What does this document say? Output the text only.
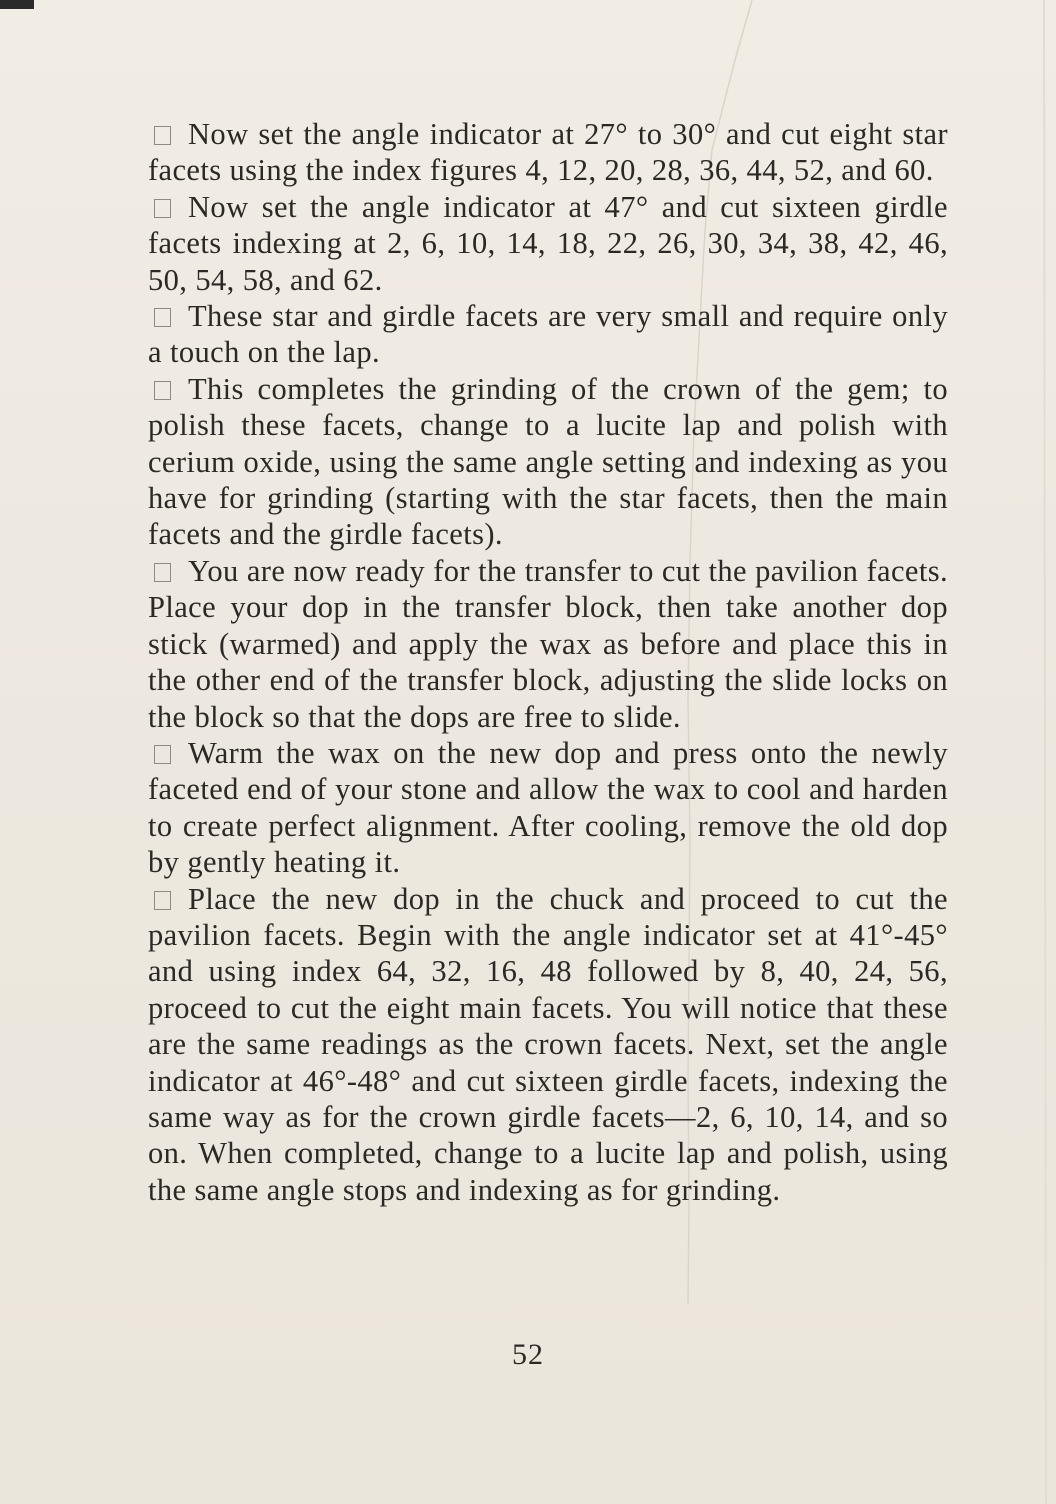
Now set the angle indicator at 27° to 30° and cut eight star facets using the index figures 4, 12, 20, 28, 36, 44, 52, and 60.

Now set the angle indicator at 47° and cut sixteen girdle facets indexing at 2, 6, 10, 14, 18, 22, 26, 30, 34, 38, 42, 46, 50, 54, 58, and 62.

These star and girdle facets are very small and require only a touch on the lap.

This completes the grinding of the crown of the gem; to polish these facets, change to a lucite lap and polish with cerium oxide, using the same angle setting and indexing as you have for grinding (starting with the star facets, then the main facets and the girdle facets).

You are now ready for the transfer to cut the pavilion facets. Place your dop in the transfer block, then take another dop stick (warmed) and apply the wax as before and place this in the other end of the transfer block, adjusting the slide locks on the block so that the dops are free to slide.

Warm the wax on the new dop and press onto the newly faceted end of your stone and allow the wax to cool and harden to create perfect alignment. After cooling, remove the old dop by gently heating it.

Place the new dop in the chuck and proceed to cut the pavilion facets. Begin with the angle indicator set at 41°-45° and using index 64, 32, 16, 48 followed by 8, 40, 24, 56, proceed to cut the eight main facets. You will notice that these are the same readings as the crown facets. Next, set the angle indicator at 46°-48° and cut sixteen girdle facets, indexing the same way as for the crown girdle facets—2, 6, 10, 14, and so on. When completed, change to a lucite lap and polish, using the same angle stops and indexing as for grinding.

52
